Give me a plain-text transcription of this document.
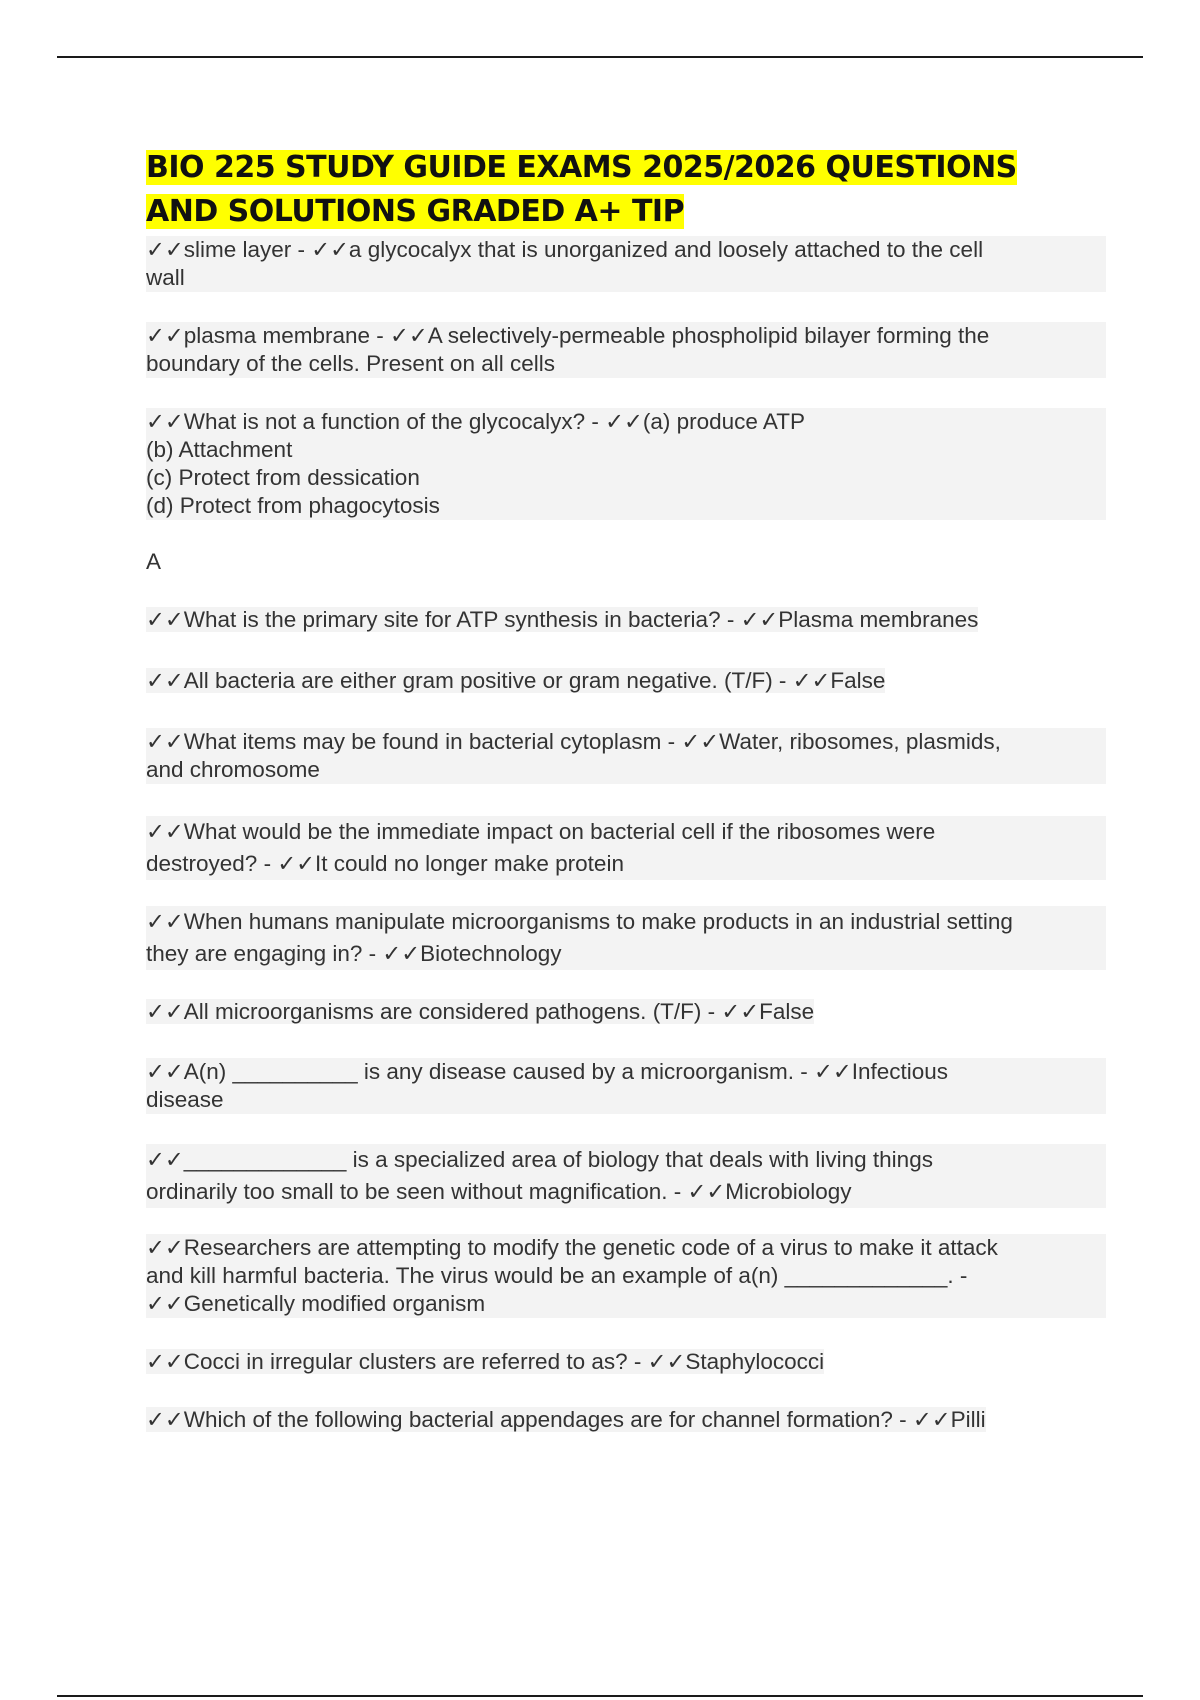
BIO 225 STUDY GUIDE EXAMS 2025/2026 QUESTIONS
AND SOLUTIONS GRADED A+ TIP
✓✓slime layer - ✓✓a glycocalyx that is unorganized and loosely attached to the cell
wall
✓✓plasma membrane - ✓✓A selectively-permeable phospholipid bilayer forming the
boundary of the cells. Present on all cells
✓✓What is not a function of the glycocalyx? - ✓✓(a) produce ATP
(b) Attachment
(c) Protect from dessication
(d) Protect from phagocytosis
A
✓✓What is the primary site for ATP synthesis in bacteria? - ✓✓Plasma membranes
✓✓All bacteria are either gram positive or gram negative. (T/F) - ✓✓False
✓✓What items may be found in bacterial cytoplasm - ✓✓Water, ribosomes, plasmids,
and chromosome
✓✓What would be the immediate impact on bacterial cell if the ribosomes were
destroyed? - ✓✓It could no longer make protein
✓✓When humans manipulate microorganisms to make products in an industrial setting
they are engaging in? - ✓✓Biotechnology
✓✓All microorganisms are considered pathogens. (T/F) - ✓✓False
✓✓A(n) __________ is any disease caused by a microorganism. - ✓✓Infectious
disease
✓✓_____________ is a specialized area of biology that deals with living things
ordinarily too small to be seen without magnification. - ✓✓Microbiology
✓✓Researchers are attempting to modify the genetic code of a virus to make it attack
and kill harmful bacteria. The virus would be an example of a(n) _____________. -
✓✓Genetically modified organism
✓✓Cocci in irregular clusters are referred to as? - ✓✓Staphylococci
✓✓Which of the following bacterial appendages are for channel formation? - ✓✓Pilli
